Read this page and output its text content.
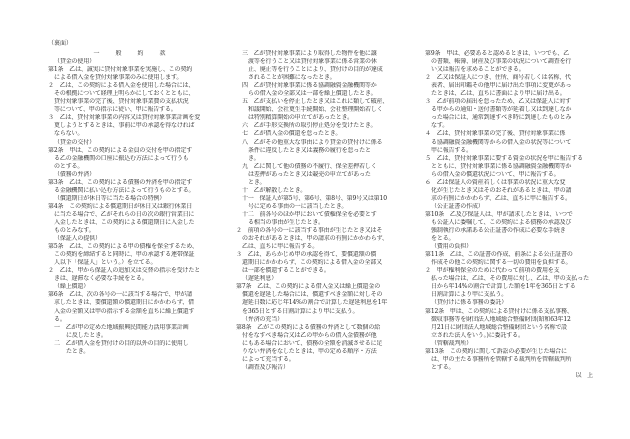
（裏面）
一　般　約　款
（貸金の使用）
第1条　乙は、誠実に貸付対象事業を実施し、この契約
による借入金を貸付対象事業のみに使用します。
２　乙は、この契約による借入金を使用した場合には、
その根拠について経理上明らかにしておくとともに、
貸付対象事業の完了後、貸付対象事業費の支払状況
等について、甲の指示に従い、甲に報告する。
３　乙は、貸付対象事業の内容又は貸付対象事業計画を変
更しようとするときは、事前に甲の承認を得なければ
ならない。
（貸金の交付）
第2条　甲は、この契約による金員の交付を甲の指定す
る乙の金融機関の口座に振込む方法によって行うも
のとする。
（債務の弁済）
第3条　乙は、この契約による債務の弁済を甲の指定す
る金融機関に払い込む方法によって行うものとする。
（償還期日が休日等に当たる場合の特例）
第4条　この契約による償還期日が休日又は銀行休業日
に当たる場合で、乙がそれらの日の次の銀行営業日に
入金したときは、この契約による償還期日に入金した
ものとみなす。
（保証人の提供）
第5条　乙は、この契約による甲の債権を保全するため、
この契約を締結すると同時に、甲の承認する連帯保証
人以下「保証人」という。）を立てる。
２　乙は、甲から保証人の追加又は交替の指示を受けたと
きは、遅滞なく必要な手続をとる。
（繰上償還）
第6条　乙は、次の各号の一に該当する場合で、甲が請
求したときは、要償還額の償還期日にかかわらず、借
入金の全額又は甲の指示する金額を直ちに繰上償還す
る。
一　乙が甲の定めた地域振興民間能力活用事業計画
に反したとき。
二　乙が借入金を貸付けの目的以外の目的に使用し
たとき。
三　乙が貸付対象事業により取得した物件を他に譲
渡等を行うこと又は貸付対象事業に係る営業の休
止、廃止等を行うことにより、貸付けの目的が達成
されることが困難になったとき。
四　乙が貸付対象事業に係る協調融資金融機関等か
らの借入金の全部又は一部を繰上償還したとき。
五　乙が支払いを停止したとき又はこれに類して破産、
和議開始、会社更生手続開始、会社整理開始若しく
は特別精算開始の申立てがあったとき。
六　乙が手形交換所の取引停止処分を受けたとき。
七　乙が借入金の償還を怠ったとき。
八　乙がその他重大な事由により貸金の貸付けに係る
条件に違反したとき又は義務の履行を怠ったと
き。
九　乙に関して他の債務の不履行、保全差押若しく
は差押があったとき又は競売の申立てがあった
とき。
十　乙が解散したとき。
十一　保証人が第5号、第6号、第8号、第9号又は第10
号に定める事由の一に該当したとき。
十二　前各号のほか甲において債権保全を必要とす
る相当の事由が生じたとき。
２　前項の各号の一に該当する事由が生じたとき又はそ
のおそれがあるときは、甲の請求の有無にかかわらず、
乙は、直ちに甲に報告する。
３　乙は、あらかじめ甲の承認を得て、要償還額の償
還期日にかかわらず、この契約による借入金の全部又
は一部を償還することができる。
（遅延利息）
第7条　乙は、この契約による借入金又は繰上償還金の
償還を遅延した場合には、償還すべき金額に対しその
遅延日数に応じ年14%の割合で計算した遅延利息を1年
を365日とする日割計算により甲に支払う。
（弁済の充当）
第8条　乙がこの契約による債務の弁済として数個の給
付をなすべき場合又は乙の甲からの借入金債務が他
にもある場合において、債務の全額を消滅させるに足
りない弁済をなしたときは、甲の定める順序・方法
によって充当する。
（調査及び報告）
第9条　甲は、必要あると認めるときは、いつでも、乙
の書類、帳簿、財産及び事業の状況について調査を行
い又は報告を求めることができる。
２　乙又は保証人につき、住所、商号若しくは名称、代
表者、届出印鑑その他甲に届け出た事項に変更があっ
たときは、乙は、直ちに書面により甲に届け出る。
３　乙が前項の届出を怠ったため、乙又は保証人に対す
る甲からの通知・送付書類等が延着し又は到達しなか
った場合には、通常到達すべき時に到達したものとみ
なす。
４　乙は、貸付対象事業の完了後、貸付対象事業に係
る協調融資金融機関等からの借入金の状況等について
甲に報告する。
５　乙は、貸付対象事業に要する資金の状況を甲に報告する
とともに、貸付対象事業に係る協調融資金融機関等か
らの借入金の償還状況について、甲に報告する。
６　乙は保証人の資産若しくは事業の状況に重大な変
化が生じたとき又はそのおそれがあるときは、甲の請
求の有無にかかわらず、乙は、直ちに甲に報告する。
（公正証書の作成）
第10条　乙及び保証人は、甲が請求したときは、いつで
も公証人に委嘱して、この契約による債務の承認及び
強制執行の承諾ある公正証書の作成に必要な手続き
をとる。
（費用の負担）
第11条　乙は、この証書の作成、前条による公正証書の
作成その他この契約に関する一切の費用を負担する。
２　甲が権利保全のために代わって前項の費用を支
払った場合は、乙は、その費用に対し、乙は、甲の支払った
日から年14%の割合で計算した額を1年を365日とする
日割計算により甲に支払う。
（貸付けに係る事務の委託）
第12条　甲は、この契約による貸付けに係る支払事務、
徴収事務等を財団法人地域総合整備財団(昭和63年12
月21日に財団法人地域総合整備財団という名称で設
立された法人をいう。)に委託する。
（管轄裁判所）
第13条　この契約に関して訴訟の必要が生じた場合に
は、甲の主たる事務所を管轄する裁判所を管轄裁判所
とする。
以　上
